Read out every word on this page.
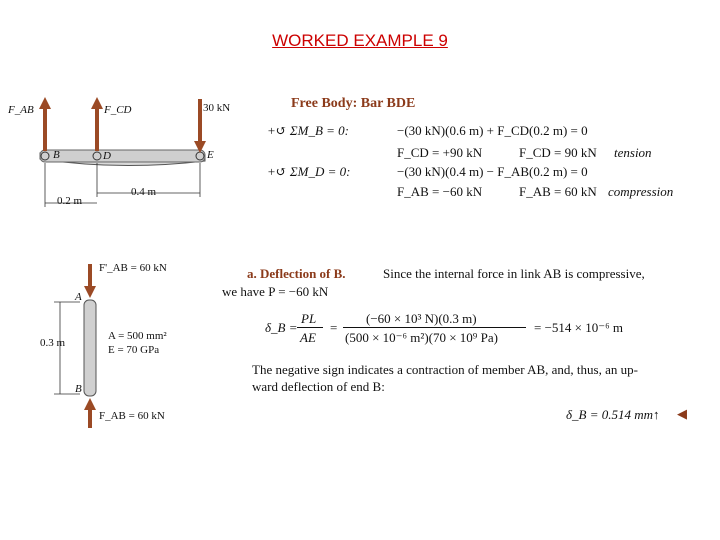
WORKED EXAMPLE 9
F_AB	F_CD	30 kN
B	D	E
0.4 m
0.2 m
Free Body: Bar BDE
+↺ ΣM_B = 0:	−(30 kN)(0.6 m) + F_CD(0.2 m) = 0
F_CD = +90 kN	F_CD = 90 kN tension
+↺ ΣM_D = 0:	−(30 kN)(0.4 m) − F_AB(0.2 m) = 0
F_AB = −60 kN	F_AB = 60 kN compression
F'_AB = 60 kN
A
0.3 m
A = 500 mm²
E = 70 GPa
B
F_AB = 60 kN
a. Deflection of B.	Since the internal force in link AB is compressive,
we have P = −60 kN
δ_B =
PL
AE
=
(−60 × 10³ N)(0.3 m)
(500 × 10⁻⁶ m²)(70 × 10⁹ Pa)
= −514 × 10⁻⁶ m
The negative sign indicates a contraction of member AB, and, thus, an up-
ward deflection of end B:
δ_B = 0.514 mm↑ ◀
